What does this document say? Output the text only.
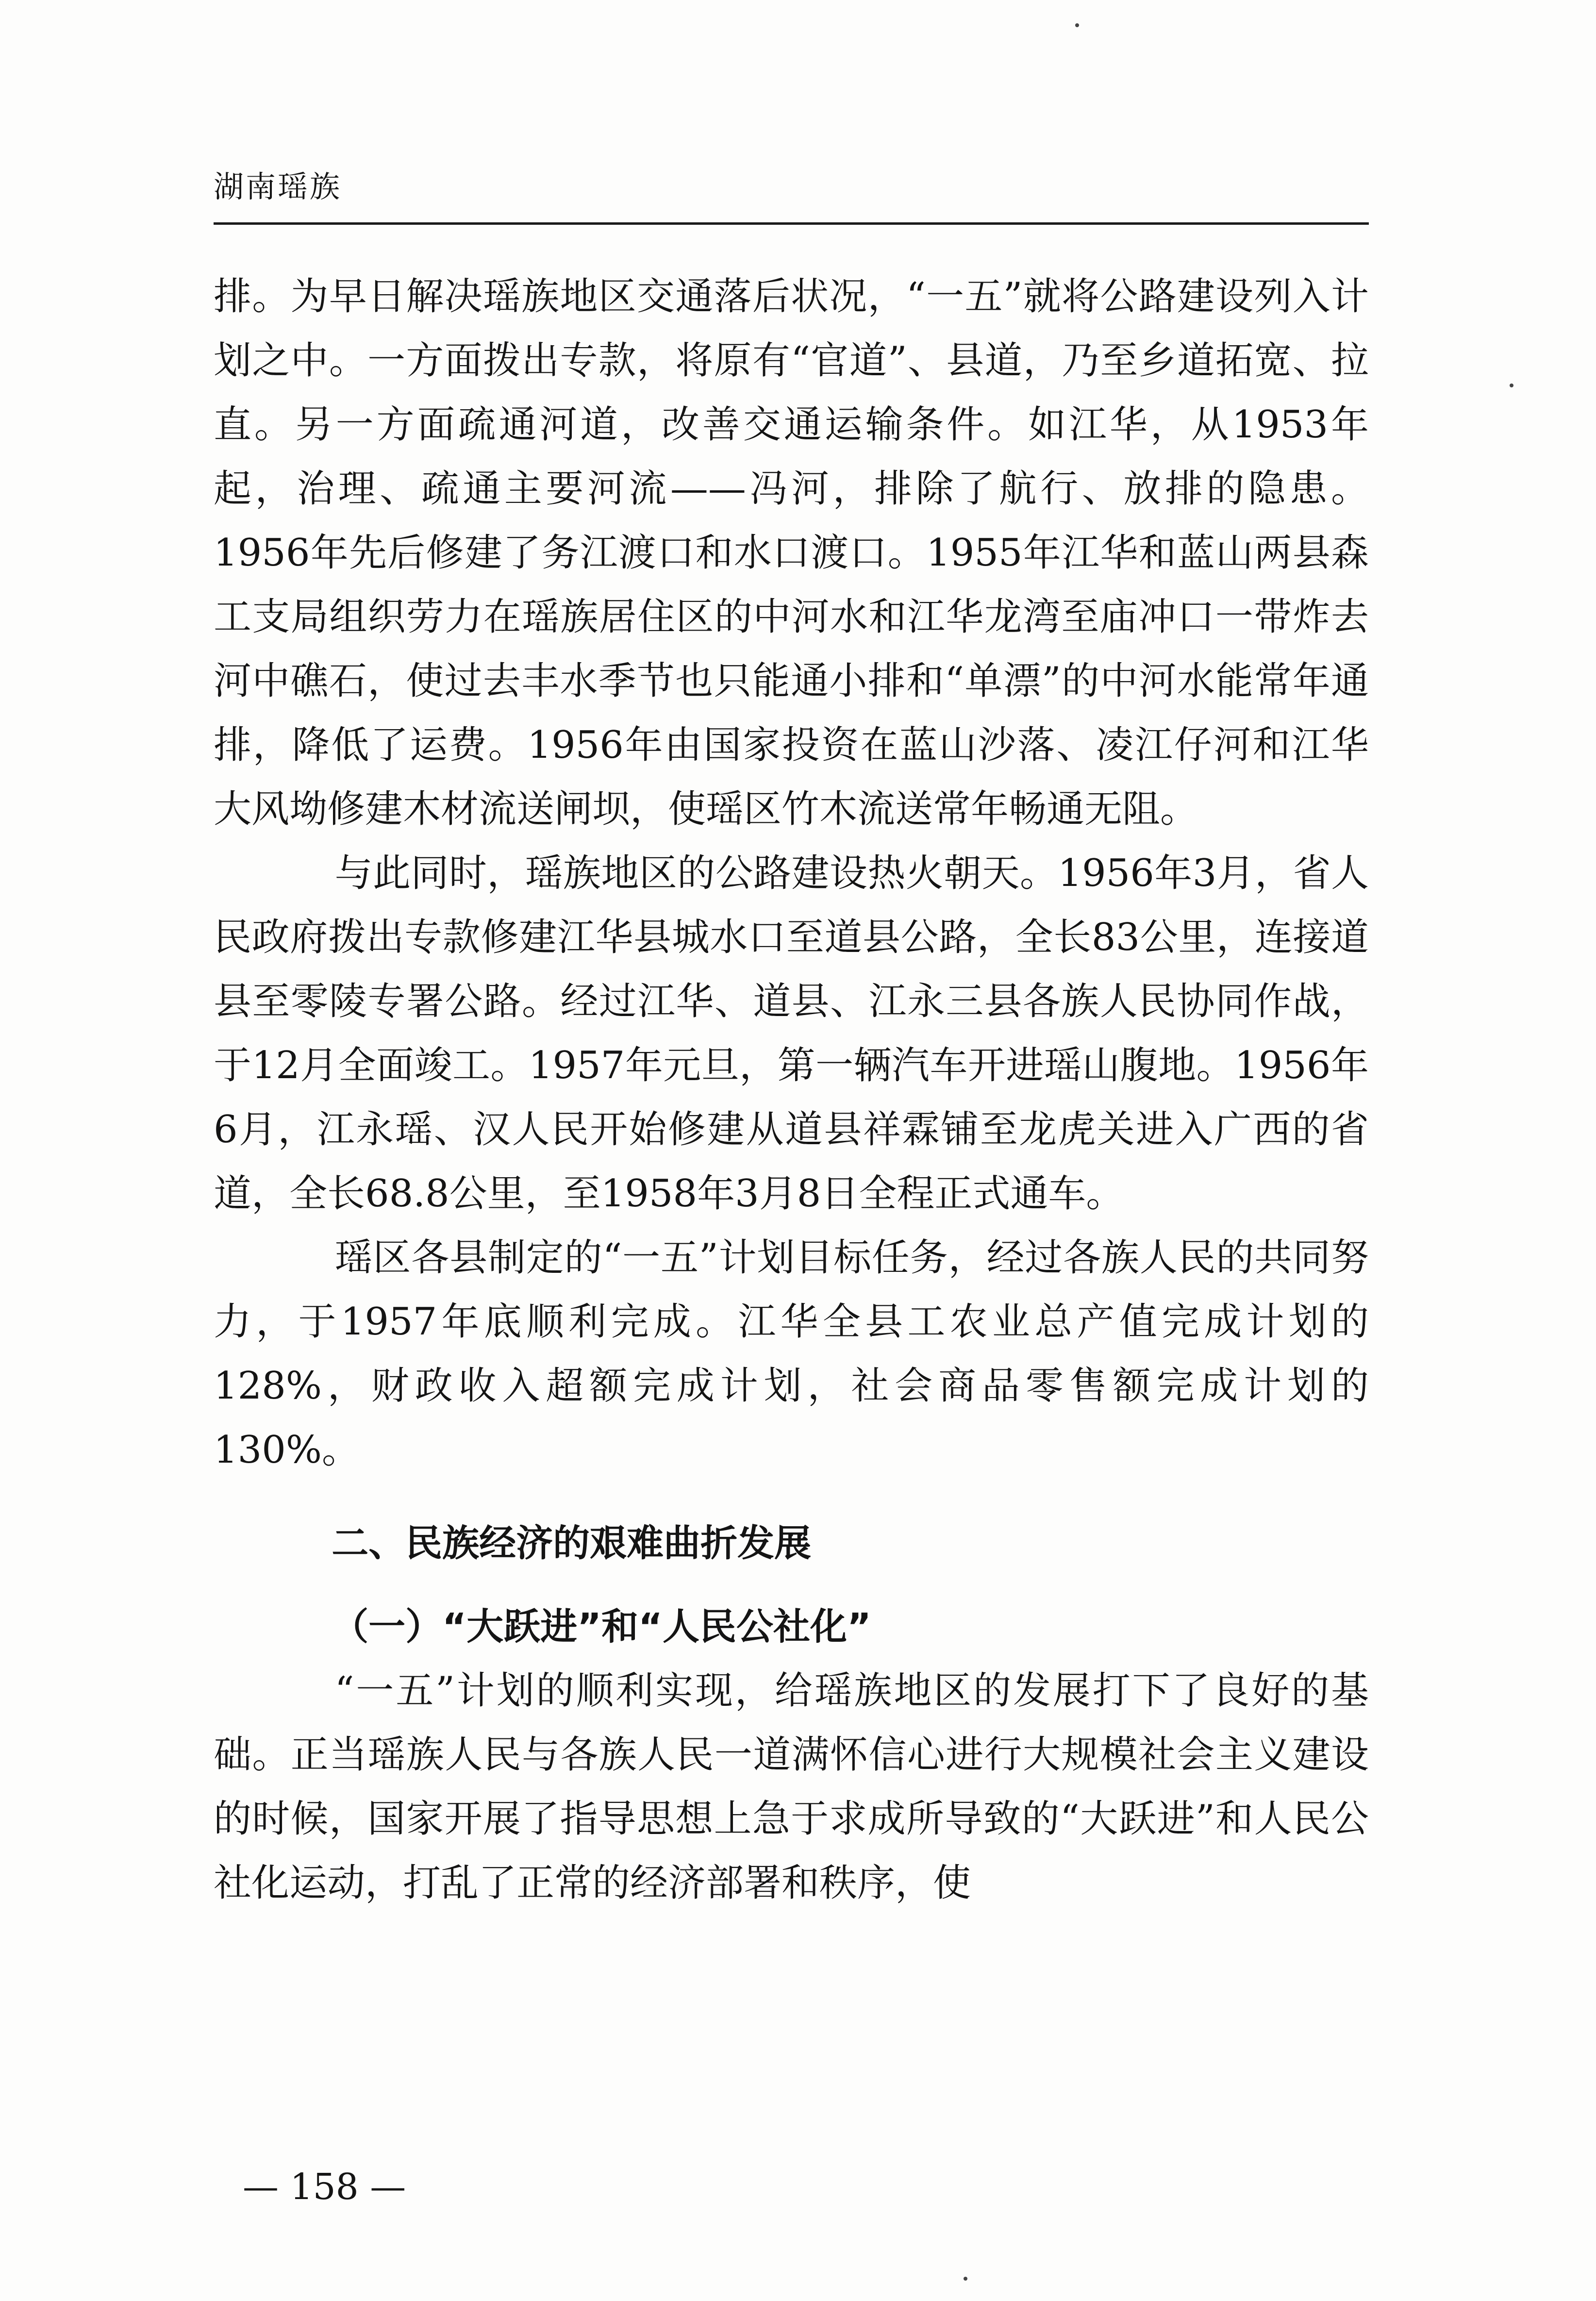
湖南瑶族

排。为早日解决瑶族地区交通落后状况，“一五”就将公路建设列入计划之中。一方面拨出专款，将原有“官道”、县道，乃至乡道拓宽、拉直。另一方面疏通河道，改善交通运输条件。如江华，从1953年起，治理、疏通主要河流——冯河，排除了航行、放排的隐患。1956年先后修建了务江渡口和水口渡口。1955年江华和蓝山两县森工支局组织劳力在瑶族居住区的中河水和江华龙湾至庙冲口一带炸去河中礁石，使过去丰水季节也只能通小排和“单漂”的中河水能常年通排，降低了运费。1956年由国家投资在蓝山沙落、凌江仔河和江华大风坳修建木材流送闸坝，使瑶区竹木流送常年畅通无阻。

与此同时，瑶族地区的公路建设热火朝天。1956年3月，省人民政府拨出专款修建江华县城水口至道县公路，全长83公里，连接道县至零陵专署公路。经过江华、道县、江永三县各族人民协同作战，于12月全面竣工。1957年元旦，第一辆汽车开进瑶山腹地。1956年6月，江永瑶、汉人民开始修建从道县祥霖铺至龙虎关进入广西的省道，全长68.8公里，至1958年3月8日全程正式通车。

瑶区各县制定的“一五”计划目标任务，经过各族人民的共同努力，于1957年底顺利完成。江华全县工农业总产值完成计划的128%，财政收入超额完成计划，社会商品零售额完成计划的130%。

二、民族经济的艰难曲折发展
（一）“大跃进”和“人民公社化”

“一五”计划的顺利实现，给瑶族地区的发展打下了良好的基础。正当瑶族人民与各族人民一道满怀信心进行大规模社会主义建设的时候，国家开展了指导思想上急于求成所导致的“大跃进”和人民公社化运动，打乱了正常的经济部署和秩序，使

— 158 —
